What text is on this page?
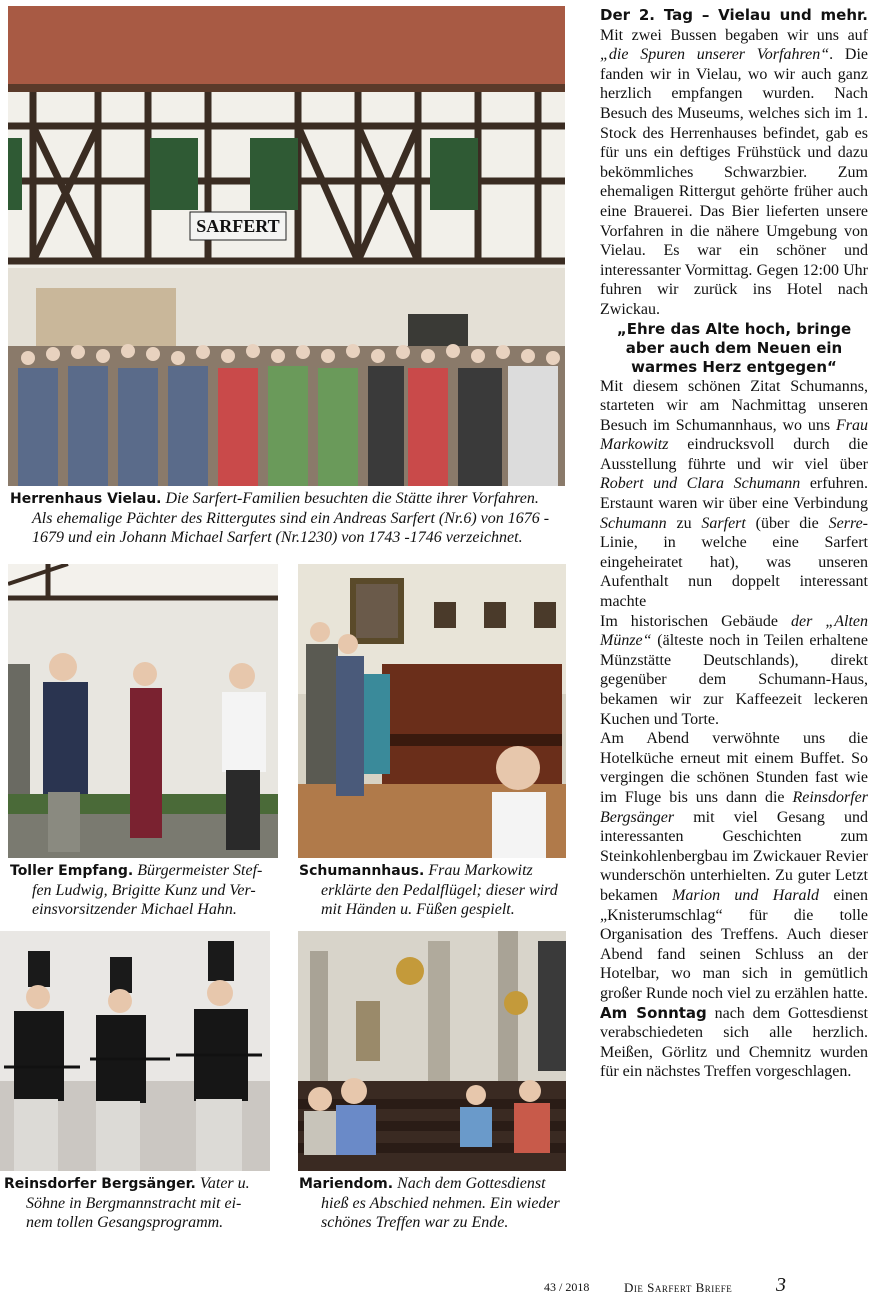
SARFERT
Herrenhaus Vielau. Die Sarfert-Familien besuchten die Stätte ihrer Vorfahren.
Als ehemalige Pächter des Rittergutes sind ein Andreas Sarfert (Nr.6) von 1676 -
1679 und ein Johann Michael Sarfert (Nr.1230) von 1743 -1746 verzeichnet.
Toller Empfang. Bürgermeister Stef-
fen Ludwig, Brigitte Kunz und Ver-
einsvorsitzender Michael Hahn.
Schumannhaus. Frau Markowitz
erklärte den Pedalflügel; dieser wird
mit Händen u. Füßen gespielt.
Reinsdorfer Bergsänger. Vater u.
Söhne in Bergmannstracht mit ei-
nem tollen Gesangsprogramm.
Mariendom. Nach dem Gottesdienst
hieß es Abschied nehmen. Ein wieder
schönes Treffen war zu Ende.

Der 2. Tag – Vielau und mehr. Mit zwei Bussen begaben wir uns auf „die Spuren unserer Vorfahren“. Die fanden wir in Vielau, wo wir auch ganz herzlich empfangen wurden. Nach Besuch des Museums, welches sich im 1. Stock des Herrenhauses befindet, gab es für uns ein deftiges Frühstück und dazu bekömmliches Schwarzbier. Zum ehemaligen Rittergut gehörte früher auch eine Brauerei. Das Bier lieferten unsere Vorfahren in die nähere Umgebung von Vielau. Es war ein schöner und interessanter Vormittag. Gegen 12:00 Uhr fuhren wir zurück ins Hotel nach Zwickau.

„Ehre das Alte hoch, bringe aber auch dem Neuen ein warmes Herz entgegen“

Mit diesem schönen Zitat Schumanns, starteten wir am Nachmittag unseren Besuch im Schumannhaus, wo uns Frau Markowitz eindrucksvoll durch die Ausstellung führte und wir viel über Robert und Clara Schumann erfuhren. Erstaunt waren wir über eine Verbindung Schumann zu Sarfert (über die Serre-Linie, in welche eine Sarfert eingeheiratet hat), was unseren Aufenthalt nun doppelt interessant machte

Im historischen Gebäude der „Alten Münze“ (älteste noch in Teilen erhaltene Münzstätte Deutschlands), direkt gegenüber dem Schumann-Haus, bekamen wir zur Kaffeezeit leckeren Kuchen und Torte.

Am Abend verwöhnte uns die Hotelküche erneut mit einem Buffet. So vergingen die schönen Stunden fast wie im Fluge bis uns dann die Reinsdorfer Bergsänger mit viel Gesang und interessanten Geschichten zum Steinkohlenbergbau im Zwickauer Revier wunderschön unterhielten. Zu guter Letzt bekamen Marion und Harald einen „Knisterumschlag“ für die tolle Organisation des Treffens. Auch dieser Abend fand seinen Schluss an der Hotelbar, wo man sich in gemütlich großer Runde noch viel zu erzählen hatte. Am Sonntag nach dem Gottesdienst verabschiedeten sich alle herzlich. Meißen, Görlitz und Chemnitz wurden für ein nächstes Treffen vorgeschlagen.

43 / 2018	Die Sarfert Briefe 3
